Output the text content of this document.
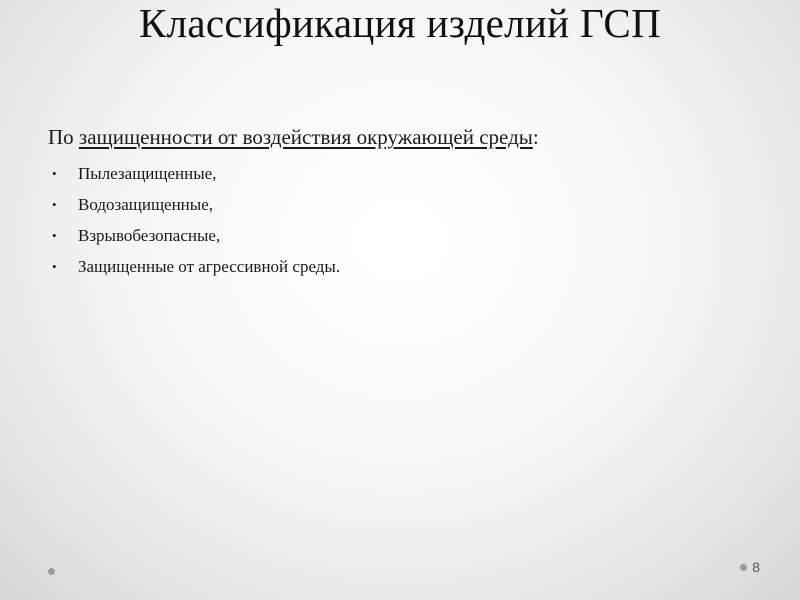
Классификация изделий ГСП
По защищенности от воздействия окружающей среды:
• Пылезащищенные,
• Водозащищенные,
• Взрывобезопасные,
• Защищенные от агрессивной среды.
8
